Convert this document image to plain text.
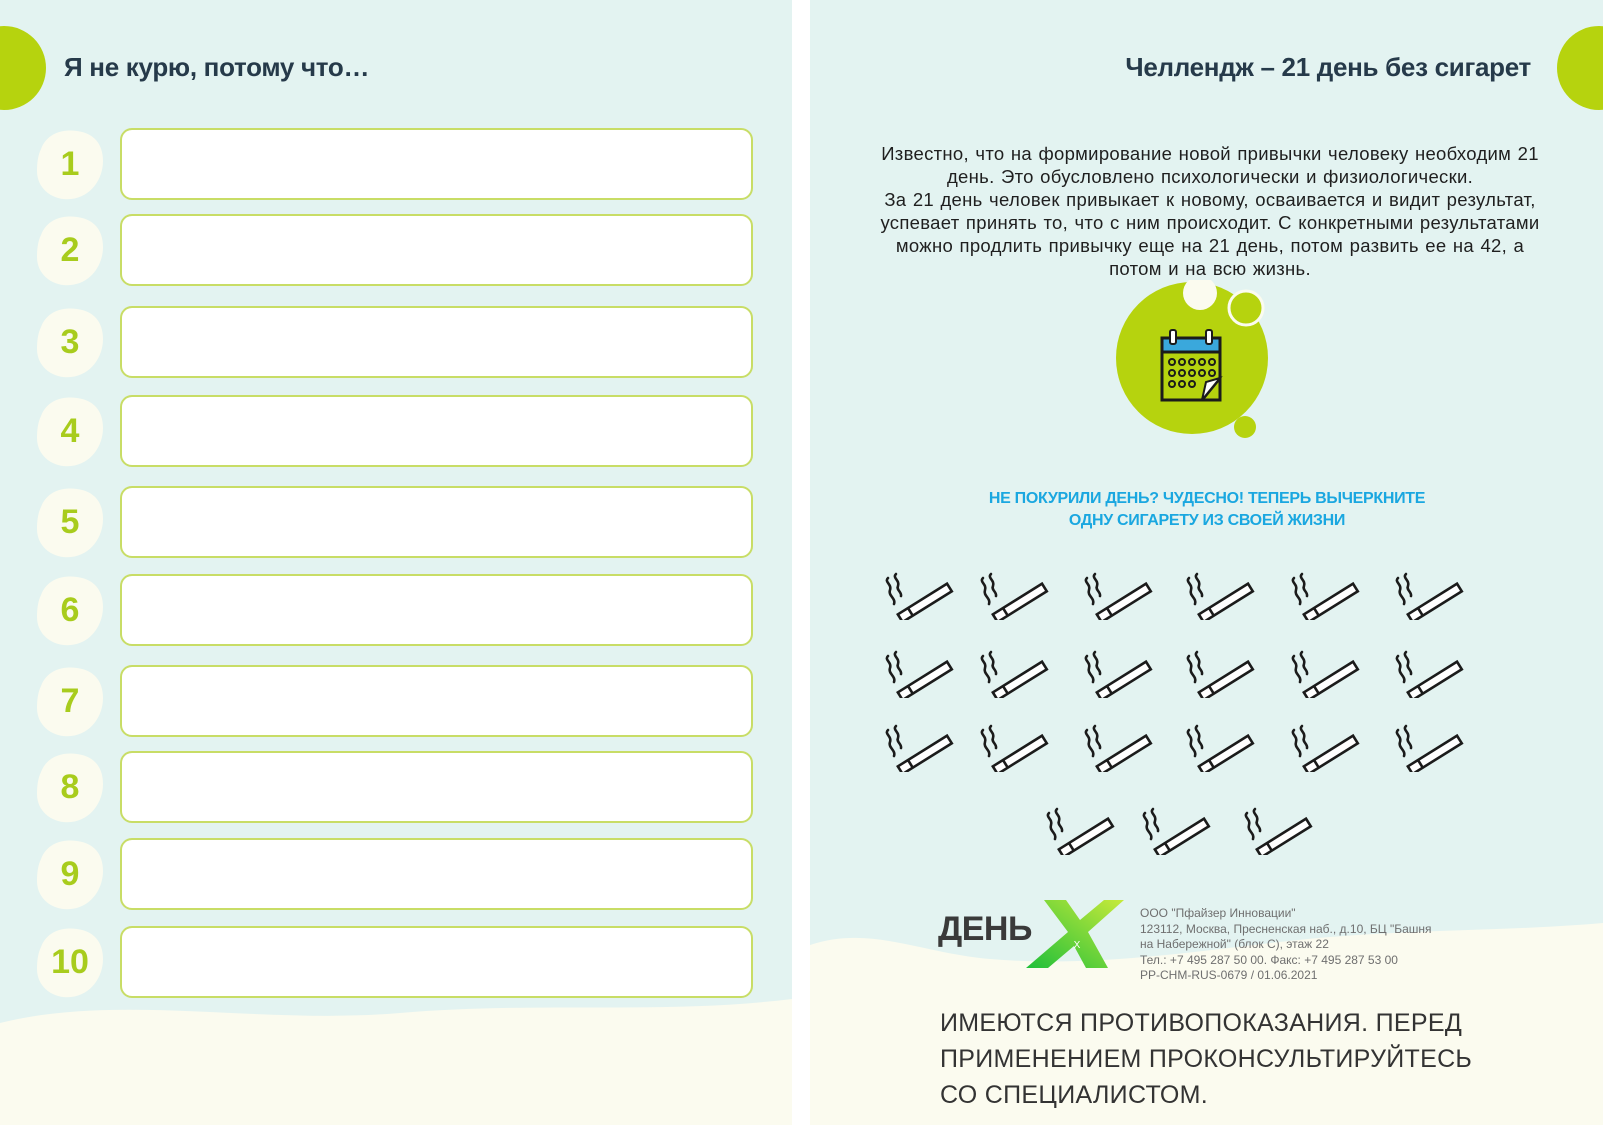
Я не курю, потому что…
1
2
3
4
5
6
7
8
9
10
Челлендж – 21 день без сигарет

Известно, что на формирование новой привычки человеку необходим 21

день. Это обусловлено психологически и физиологически.

За 21 день человек привыкает к новому, осваивается и видит результат,

успевает принять то, что с ним происходит. С конкретными результатами

можно продлить привычку еще на 21 день, потом развить ее на 42, а

потом и на всю жизнь.

НЕ ПОКУРИЛИ ДЕНЬ? ЧУДЕСНО! ТЕПЕРЬ ВЫЧЕРКНИТЕ

ОДНУ СИГАРЕТУ ИЗ СВОЕЙ ЖИЗНИ

X
ДЕНЬ	ООО "Пфайзер Инновации"

123112, Москва, Пресненская наб., д.10, БЦ "Башня

на Набережной" (блок С), этаж 22

Тел.: +7 495 287 50 00. Факс: +7 495 287 53 00

PP-CHM-RUS-0679 / 01.06.2021

ИМЕЮТСЯ ПРОТИВОПОКАЗАНИЯ. ПЕРЕД

ПРИМЕНЕНИЕМ ПРОКОНСУЛЬТИРУЙТЕСЬ

СО СПЕЦИАЛИСТОМ.
